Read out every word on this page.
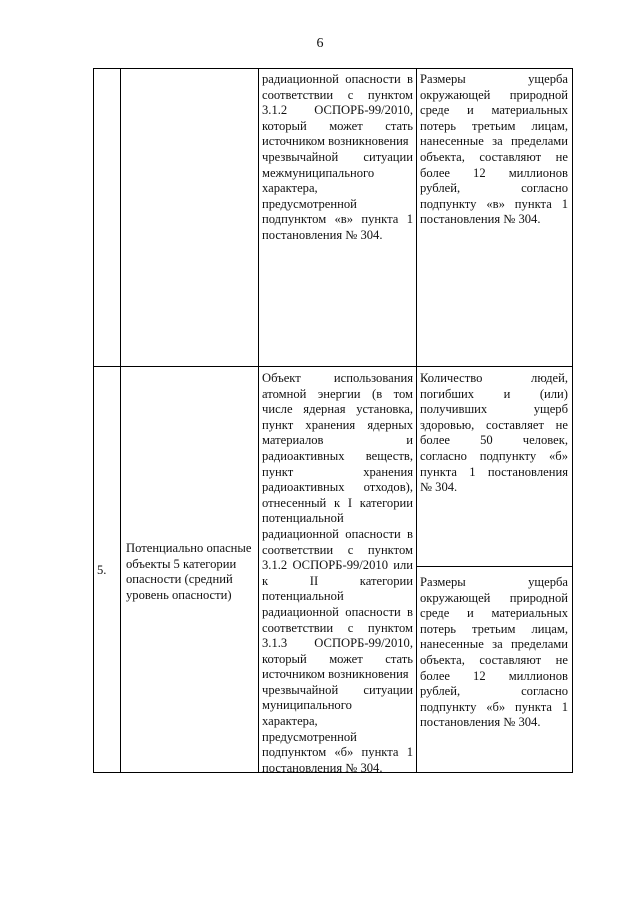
6

радиационной опасности в

соответствии с пунктом

3.1.2 ОСПОРБ-99/2010,

который может стать

источником возникновения

чрезвычайной ситуации

межмуниципального

характера,

предусмотренной

подпунктом «в» пункта 1

постановления № 304.

Размеры ущерба

окружающей природной

среде и материальных

потерь третьим лицам,

нанесенные за пределами

объекта, составляют не

более 12 миллионов

рублей, согласно

подпункту «в» пункта 1

постановления № 304.

5.

Потенциально опасные

объекты 5 категории

опасности (средний

уровень опасности)

Объект использования

атомной энергии (в том

числе ядерная установка,

пункт хранения ядерных

материалов и

радиоактивных веществ,

пункт хранения

радиоактивных отходов),

отнесенный к I категории

потенциальной

радиационной опасности в

соответствии с пунктом

3.1.2 ОСПОРБ-99/2010 или

к II категории

потенциальной

радиационной опасности в

соответствии с пунктом

3.1.3 ОСПОРБ-99/2010,

который может стать

источником возникновения

чрезвычайной ситуации

муниципального

характера,

предусмотренной

подпунктом «б» пункта 1

постановления № 304.

Количество людей,

погибших и (или)

получивших ущерб

здоровью, составляет не

более 50 человек,

согласно подпункту «б»

пункта 1 постановления

№ 304.

Размеры ущерба

окружающей природной

среде и материальных

потерь третьим лицам,

нанесенные за пределами

объекта, составляют не

более 12 миллионов

рублей, согласно

подпункту «б» пункта 1

постановления № 304.
